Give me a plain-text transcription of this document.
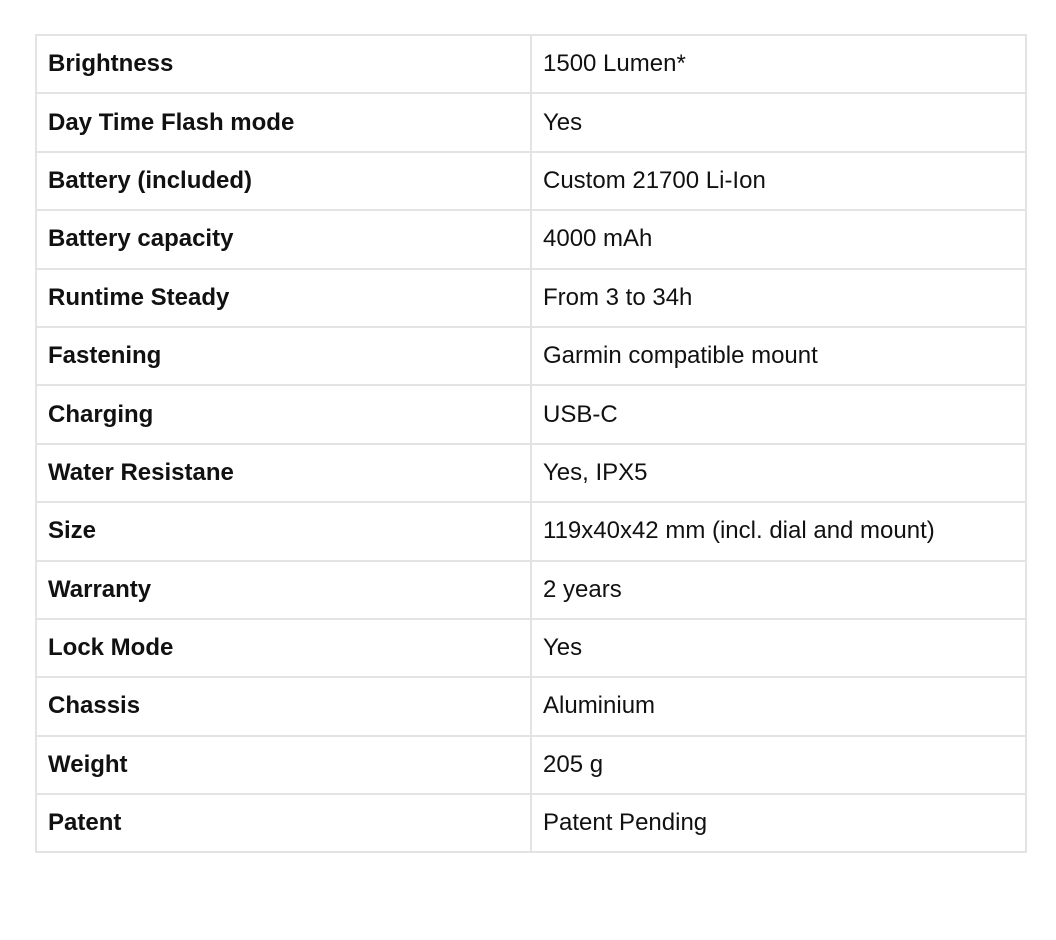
Brightness	1500 Lumen*
Day Time Flash mode	Yes
Battery (included)	Custom 21700 Li-Ion
Battery capacity	4000 mAh
Runtime Steady	From 3 to 34h
Fastening	Garmin compatible mount
Charging	USB-C
Water Resistane	Yes, IPX5
Size	119x40x42 mm (incl. dial and mount)
Warranty	2 years
Lock Mode	Yes
Chassis	Aluminium
Weight	205 g
Patent	Patent Pending
